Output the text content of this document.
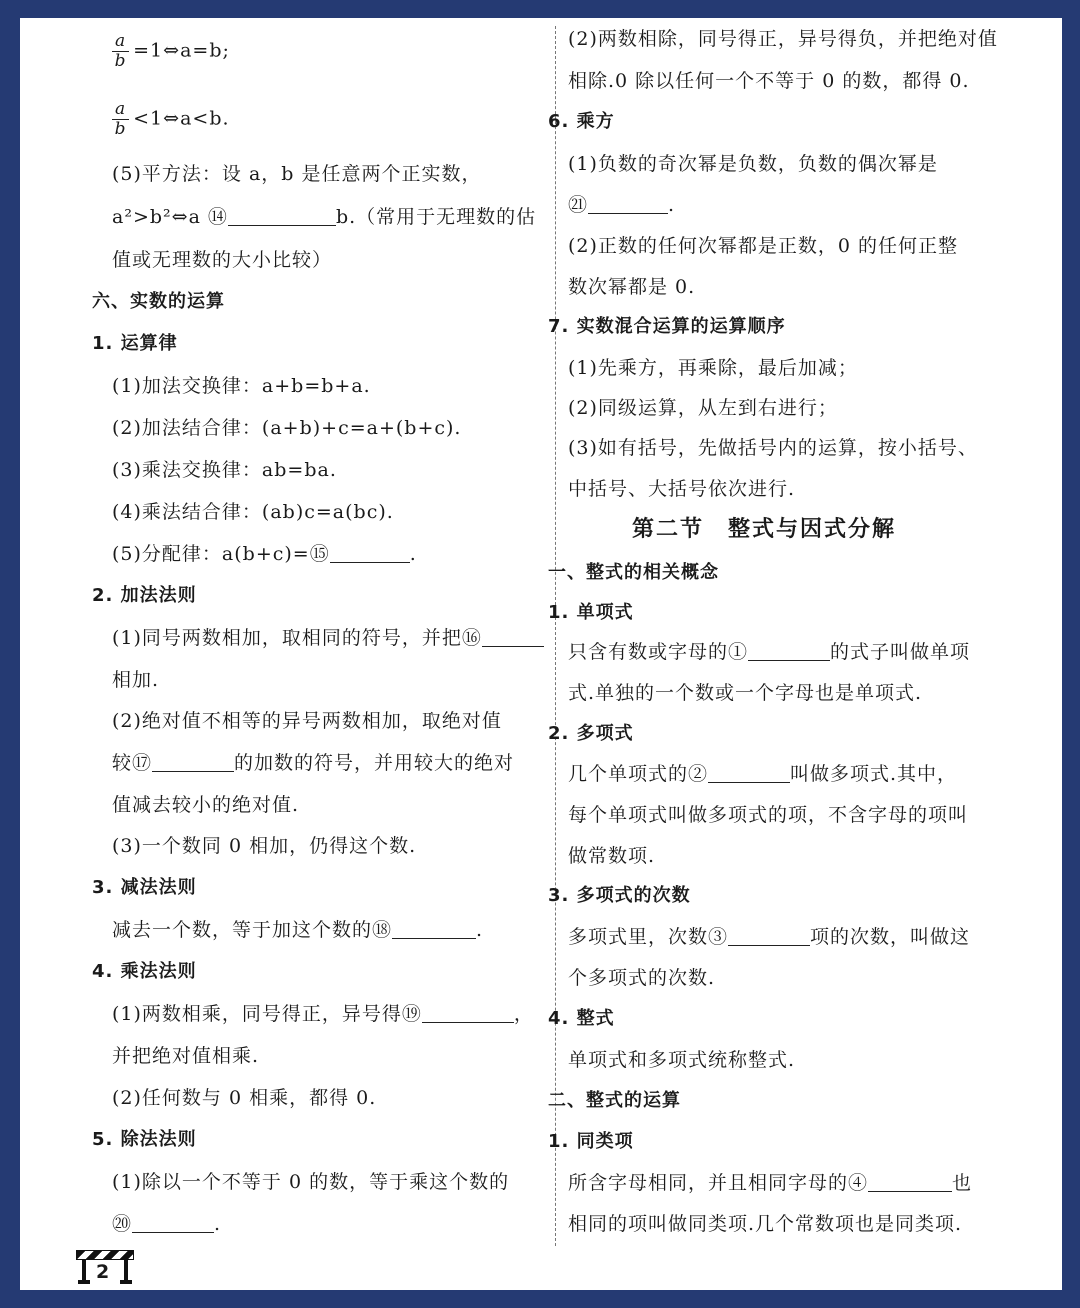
$\frac{a}{b}$ =1⇔a=b;
$\frac{a}{b}$ <1⇔a<b.
(5)平方法：设 a，b 是任意两个正实数，
a²>b²⇔a ⑭	b.（常用于无理数的估
值或无理数的大小比较）
六、实数的运算
1. 运算律
(1)加法交换律：a+b=b+a.
(2)加法结合律：(a+b)+c=a+(b+c).
(3)乘法交换律：ab=ba.
(4)乘法结合律：(ab)c=a(bc).
(5)分配律：a(b+c)=⑮	.
2. 加法法则
(1)同号两数相加，取相同的符号，并把⑯
相加.
(2)绝对值不相等的异号两数相加，取绝对值
较⑰	的加数的符号，并用较大的绝对
值减去较小的绝对值.
(3)一个数同 0 相加，仍得这个数.
3. 减法法则
减去一个数，等于加这个数的⑱	.
4. 乘法法则
(1)两数相乘，同号得正，异号得⑲	，
并把绝对值相乘.
(2)任何数与 0 相乘，都得 0.
5. 除法法则
(1)除以一个不等于 0 的数，等于乘这个数的
⑳	.
(2)两数相除，同号得正，异号得负，并把绝对值
相除.0 除以任何一个不等于 0 的数，都得 0.
6. 乘方
(1)负数的奇次幂是负数，负数的偶次幂是
㉑	.
(2)正数的任何次幂都是正数，0 的任何正整
数次幂都是 0.
7. 实数混合运算的运算顺序
(1)先乘方，再乘除，最后加减；
(2)同级运算，从左到右进行；
(3)如有括号，先做括号内的运算，按小括号、
中括号、大括号依次进行.
第二节　整式与因式分解
一、整式的相关概念
1. 单项式
只含有数或字母的①	的式子叫做单项
式.单独的一个数或一个字母也是单项式.
2. 多项式
几个单项式的②	叫做多项式.其中，
每个单项式叫做多项式的项，不含字母的项叫
做常数项.
3. 多项式的次数
多项式里，次数③	项的次数，叫做这
个多项式的次数.
4. 整式
单项式和多项式统称整式.
二、整式的运算
1. 同类项
所含字母相同，并且相同字母的④	也
相同的项叫做同类项.几个常数项也是同类项.
2
